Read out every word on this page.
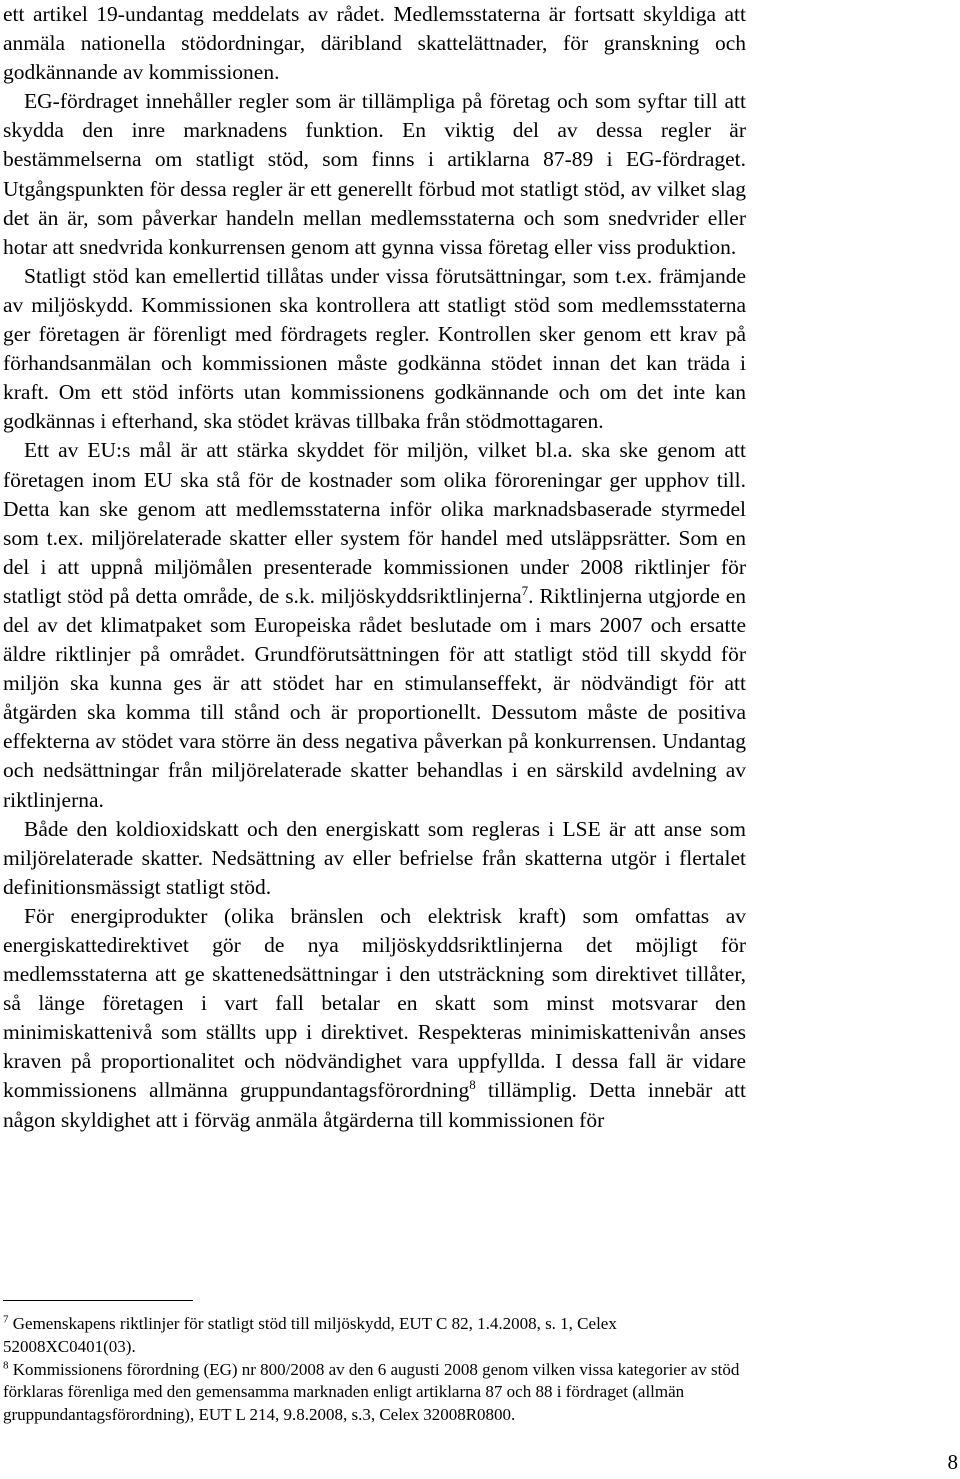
ett artikel 19-undantag meddelats av rådet. Medlemsstaterna är fortsatt skyldiga att anmäla nationella stödordningar, däribland skattelättnader, för granskning och godkännande av kommissionen.

EG-fördraget innehåller regler som är tillämpliga på företag och som syftar till att skydda den inre marknadens funktion. En viktig del av dessa regler är bestämmelserna om statligt stöd, som finns i artiklarna 87-89 i EG-fördraget. Utgångspunkten för dessa regler är ett generellt förbud mot statligt stöd, av vilket slag det än är, som påverkar handeln mellan medlemsstaterna och som snedvrider eller hotar att snedvrida konkurrensen genom att gynna vissa företag eller viss produktion.

Statligt stöd kan emellertid tillåtas under vissa förutsättningar, som t.ex. främjande av miljöskydd. Kommissionen ska kontrollera att statligt stöd som medlemsstaterna ger företagen är förenligt med fördragets regler. Kontrollen sker genom ett krav på förhandsanmälan och kommissionen måste godkänna stödet innan det kan träda i kraft. Om ett stöd införts utan kommissionens godkännande och om det inte kan godkännas i efterhand, ska stödet krävas tillbaka från stödmottagaren.

Ett av EU:s mål är att stärka skyddet för miljön, vilket bl.a. ska ske genom att företagen inom EU ska stå för de kostnader som olika föroreningar ger upphov till. Detta kan ske genom att medlemsstaterna inför olika marknadsbaserade styrmedel som t.ex. miljörelaterade skatter eller system för handel med utsläppsrätter. Som en del i att uppnå miljömålen presenterade kommissionen under 2008 riktlinjer för statligt stöd på detta område, de s.k. miljöskyddsriktlinjerna$^7$. Riktlinjerna utgjorde en del av det klimatpaket som Europeiska rådet beslutade om i mars 2007 och ersatte äldre riktlinjer på området. Grundförutsättningen för att statligt stöd till skydd för miljön ska kunna ges är att stödet har en stimulanseffekt, är nödvändigt för att åtgärden ska komma till stånd och är proportionellt. Dessutom måste de positiva effekterna av stödet vara större än dess negativa påverkan på konkurrensen. Undantag och nedsättningar från miljörelaterade skatter behandlas i en särskild avdelning av riktlinjerna.

Både den koldioxidskatt och den energiskatt som regleras i LSE är att anse som miljörelaterade skatter. Nedsättning av eller befrielse från skatterna utgör i flertalet definitionsmässigt statligt stöd.

För energiprodukter (olika bränslen och elektrisk kraft) som omfattas av energiskattedirektivet gör de nya miljöskyddsriktlinjerna det möjligt för medlemsstaterna att ge skattenedsättningar i den utsträckning som direktivet tillåter, så länge företagen i vart fall betalar en skatt som minst motsvarar den minimiskattenivå som ställts upp i direktivet. Respekteras minimiskattenivån anses kraven på proportionalitet och nödvändighet vara uppfyllda. I dessa fall är vidare kommissionens allmänna gruppundantagsförordning$^8$ tillämplig. Detta innebär att någon skyldighet att i förväg anmäla åtgärderna till kommissionen för

$^7$ Gemenskapens riktlinjer för statligt stöd till miljöskydd, EUT C 82, 1.4.2008, s. 1, Celex 52008XC0401(03).

$^8$ Kommissionens förordning (EG) nr 800/2008 av den 6 augusti 2008 genom vilken vissa kategorier av stöd förklaras förenliga med den gemensamma marknaden enligt artiklarna 87 och 88 i fördraget (allmän gruppundantagsförordning), EUT L 214, 9.8.2008, s.3, Celex 32008R0800.

8
